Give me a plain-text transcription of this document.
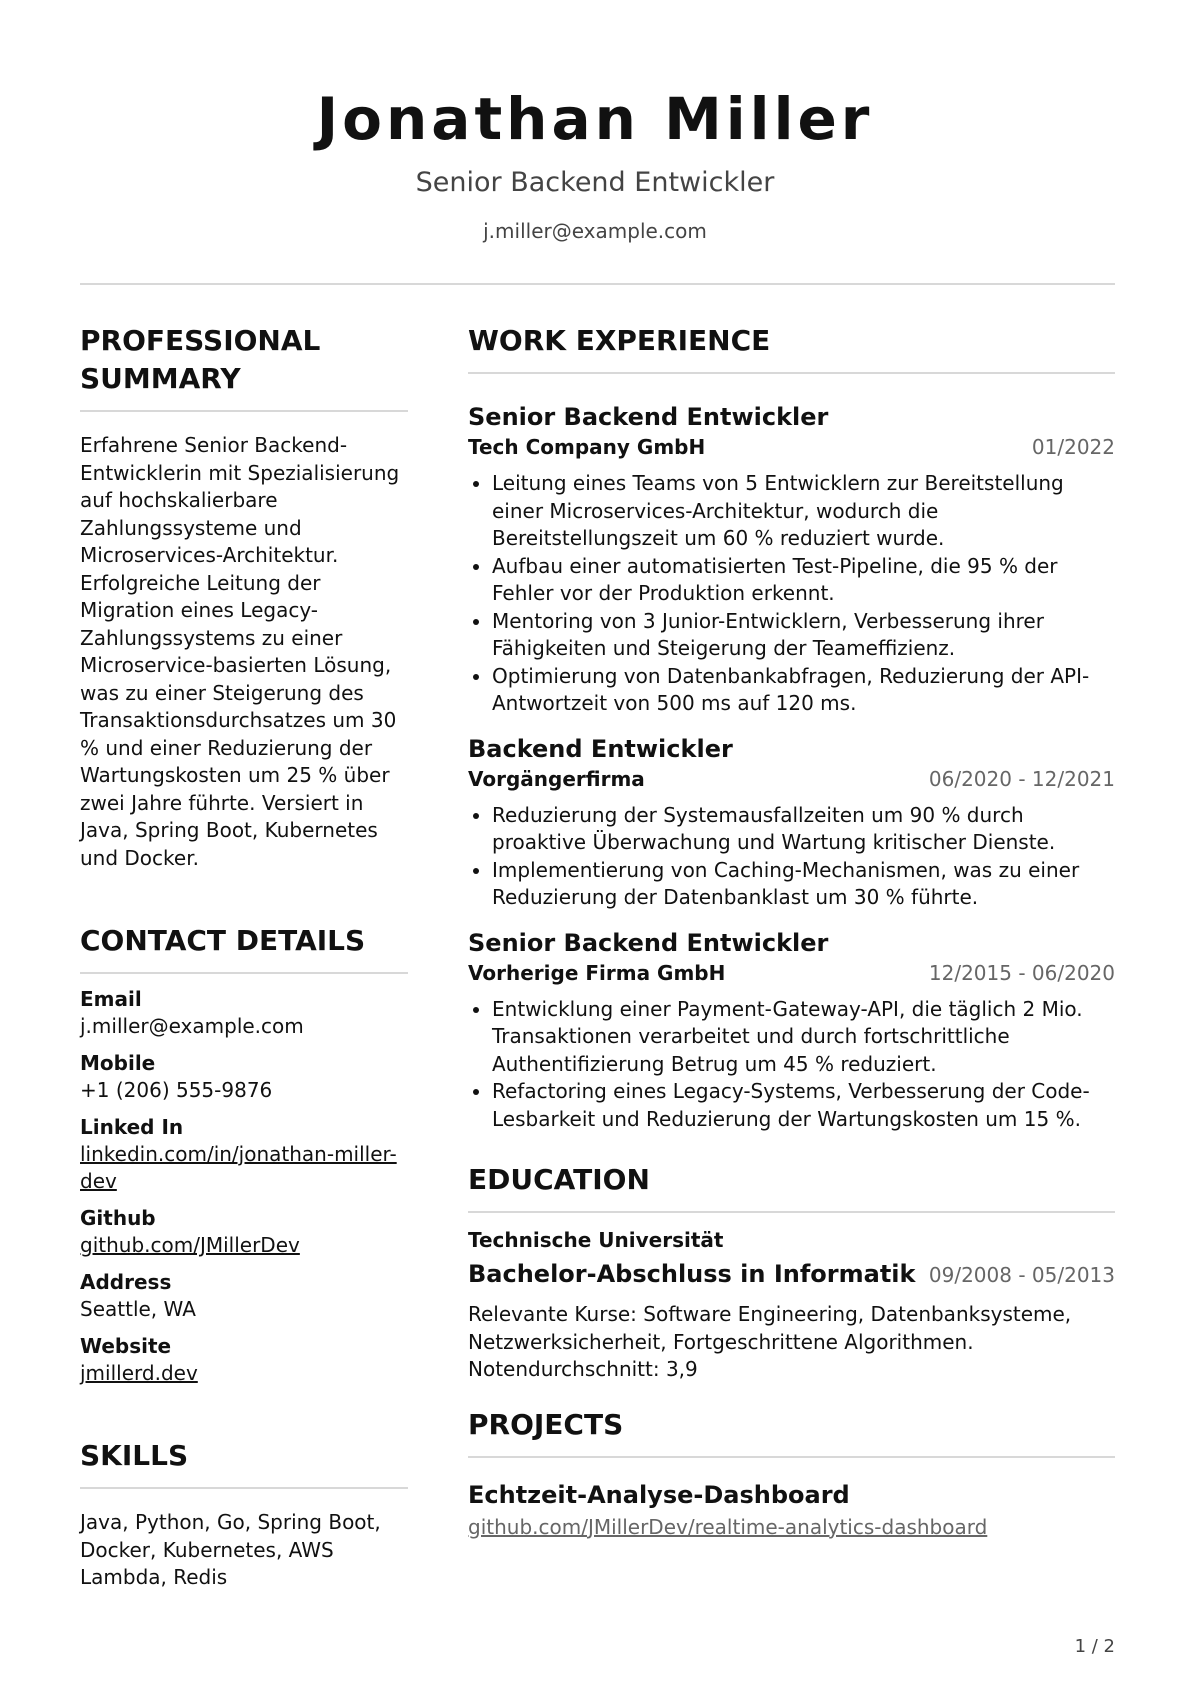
Jonathan Miller
Senior Backend Entwickler
j.miller@example.com
PROFESSIONAL SUMMARY
Erfahrene Senior Backend-Entwicklerin mit Spezialisierung auf hochskalierbare Zahlungssysteme und Microservices-Architektur. Erfolgreiche Leitung der Migration eines Legacy-Zahlungssystems zu einer Microservice-basierten Lösung, was zu einer Steigerung des Transaktionsdurchsatzes um 30 % und einer Reduzierung der Wartungskosten um 25 % über zwei Jahre führte. Versiert in Java, Spring Boot, Kubernetes und Docker.
CONTACT DETAILS
Email
j.miller@example.com
Mobile
+1 (206) 555-9876
Linked In
linkedin.com/in/jonathan-miller-dev
Github
github.com/JMillerDev
Address
Seattle, WA
Website
jmillerd.dev
SKILLS
Java, Python, Go, Spring Boot, Docker, Kubernetes, AWS Lambda, Redis
WORK EXPERIENCE
Senior Backend Entwickler
Tech Company GmbH	01/2022
• Leitung eines Teams von 5 Entwicklern zur Bereitstellung einer Microservices-Architektur, wodurch die Bereitstellungszeit um 60 % reduziert wurde.
• Aufbau einer automatisierten Test-Pipeline, die 95 % der Fehler vor der Produktion erkennt.
• Mentoring von 3 Junior-Entwicklern, Verbesserung ihrer Fähigkeiten und Steigerung der Teameffizienz.
• Optimierung von Datenbankabfragen, Reduzierung der API-Antwortzeit von 500 ms auf 120 ms.
Backend Entwickler
Vorgängerfirma	06/2020 - 12/2021
• Reduzierung der Systemausfallzeiten um 90 % durch proaktive Überwachung und Wartung kritischer Dienste.
• Implementierung von Caching-Mechanismen, was zu einer Reduzierung der Datenbanklast um 30 % führte.
Senior Backend Entwickler
Vorherige Firma GmbH	12/2015 - 06/2020
• Entwicklung einer Payment-Gateway-API, die täglich 2 Mio. Transaktionen verarbeitet und durch fortschrittliche Authentifizierung Betrug um 45 % reduziert.
• Refactoring eines Legacy-Systems, Verbesserung der Code-Lesbarkeit und Reduzierung der Wartungskosten um 15 %.
EDUCATION
Technische Universität
Bachelor-Abschluss in Informatik 09/2008 - 05/2013
Relevante Kurse: Software Engineering, Datenbanksysteme, Netzwerksicherheit, Fortgeschrittene Algorithmen. Notendurchschnitt: 3,9
PROJECTS
Echtzeit-Analyse-Dashboard
github.com/JMillerDev/realtime-analytics-dashboard
1 / 2
